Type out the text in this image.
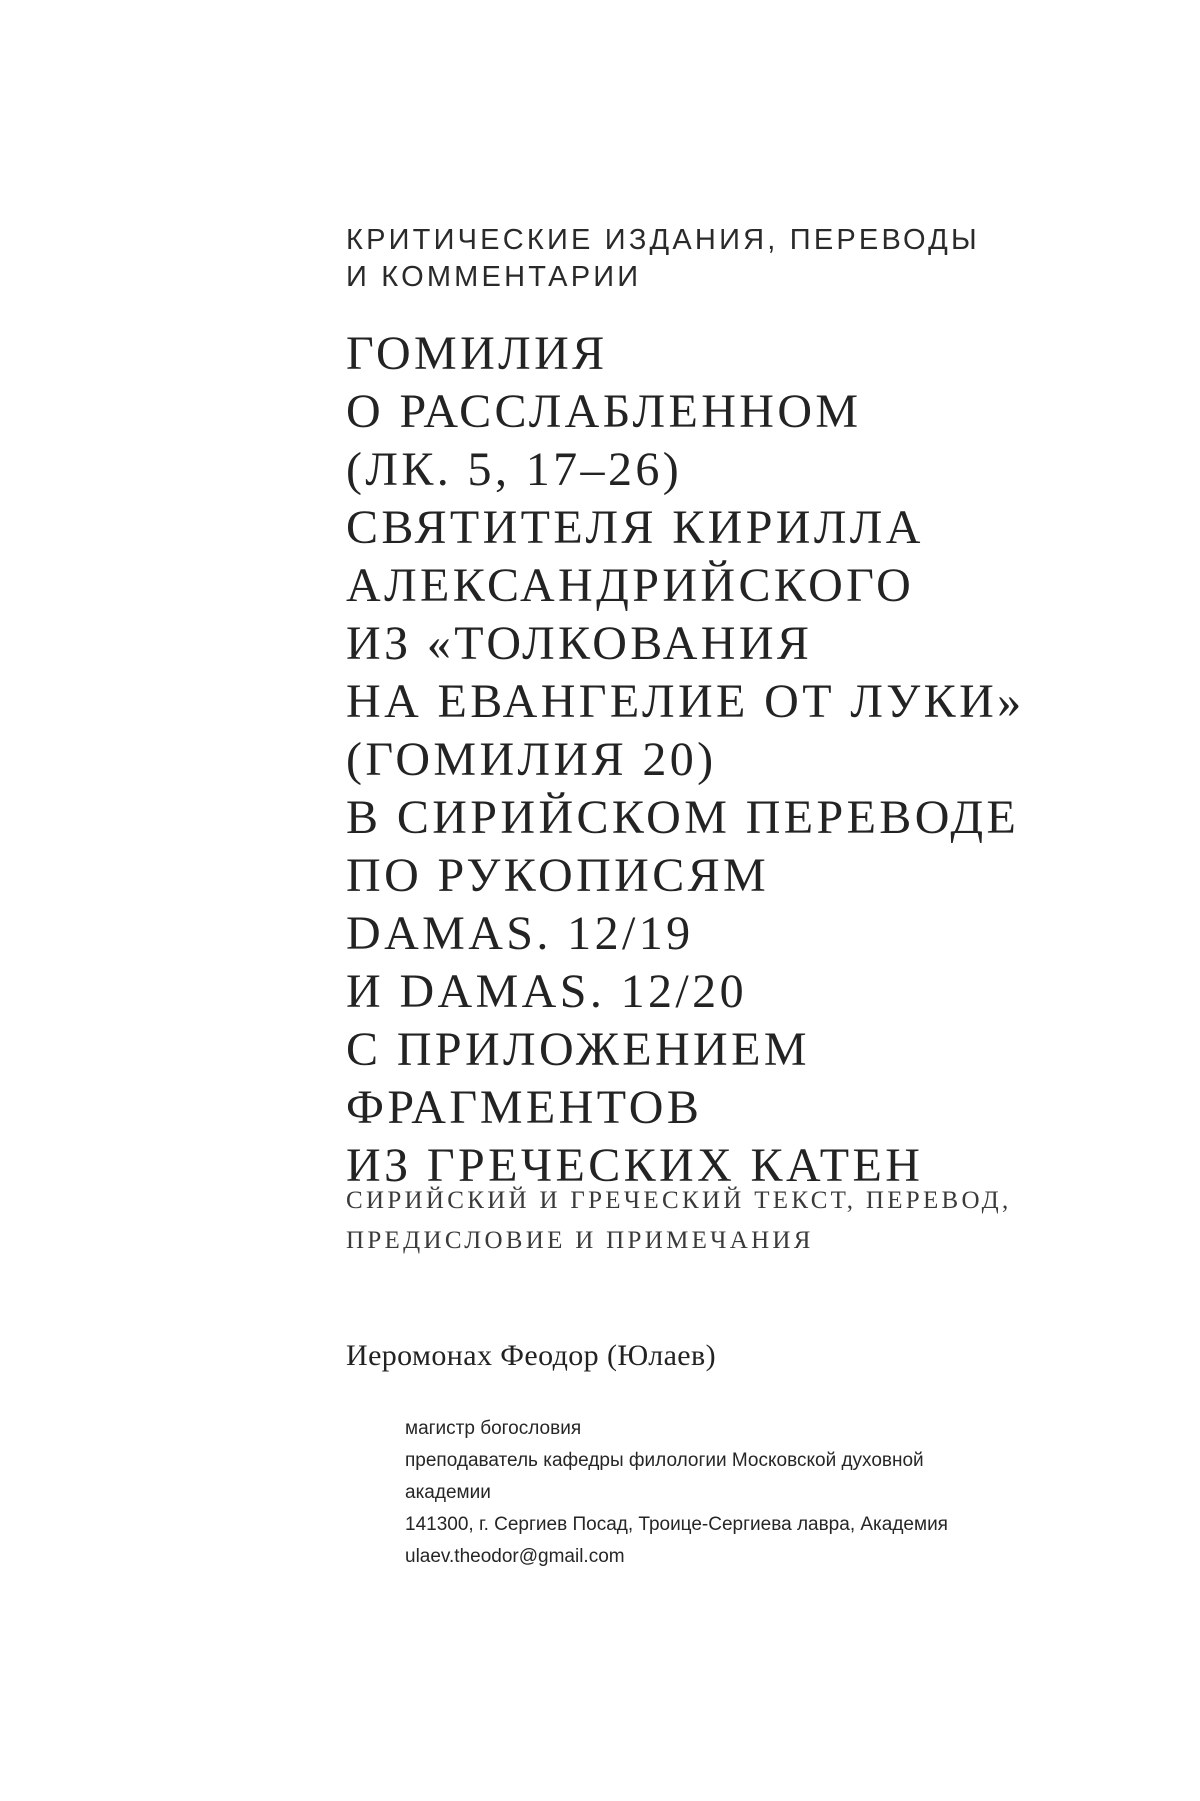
КРИТИЧЕСКИЕ ИЗДАНИЯ, ПЕРЕВОДЫ
И КОММЕНТАРИИ
ГОМИЛИЯ
О РАССЛАБЛЕННОМ
(ЛК. 5, 17–26)
СВЯТИТЕЛЯ КИРИЛЛА
АЛЕКСАНДРИЙСКОГО
ИЗ «ТОЛКОВАНИЯ
НА ЕВАНГЕЛИЕ ОТ ЛУКИ»
(ГОМИЛИЯ 20)
В СИРИЙСКОМ ПЕРЕВОДЕ
ПО РУКОПИСЯМ
DAMAS. 12/19
И DAMAS. 12/20
С ПРИЛОЖЕНИЕМ
ФРАГМЕНТОВ
ИЗ ГРЕЧЕСКИХ КАТЕН
СИРИЙСКИЙ И ГРЕЧЕСКИЙ ТЕКСТ, ПЕРЕВОД,
ПРЕДИСЛОВИЕ И ПРИМЕЧАНИЯ
Иеромонах Феодор (Юлаев)
магистр богословия
преподаватель кафедры филологии Московской духовной
академии
141300, г. Сергиев Посад, Троице-Сергиева лавра, Академия
ulaev.theodor@gmail.com
